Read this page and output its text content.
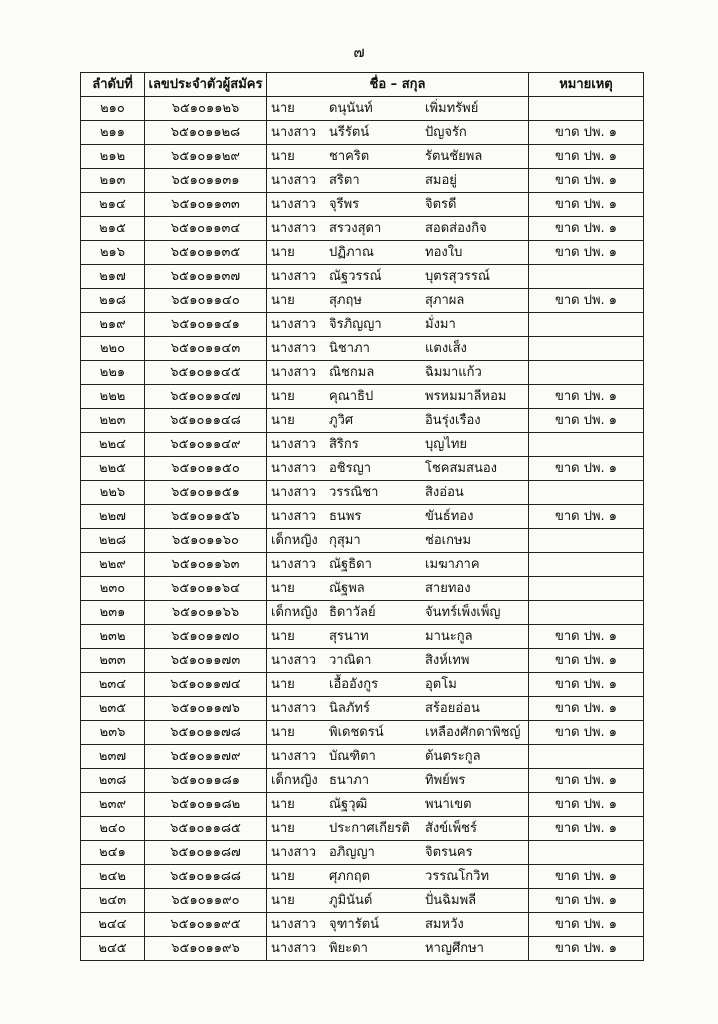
๗
ลำดับที่	เลขประจำตัวผู้สมัคร	ชื่อ – สกุล	หมายเหตุ
๒๑๐	๖๕๑๐๑๑๒๖	นาย ดนุนันท์ เพิ่มทรัพย์	

๒๑๑	๖๕๑๐๑๑๒๘	นางสาว นรีรัตน์ ปัญจรัก	ขาด ปพ. ๑
๒๑๒	๖๕๑๐๑๑๒๙	นาย ชาคริต รัตนชัยพล	ขาด ปพ. ๑
๒๑๓	๖๕๑๐๑๑๓๑	นางสาว สริตา สมอยู่	ขาด ปพ. ๑
๒๑๔	๖๕๑๐๑๑๓๓	นางสาว จุรีพร จิตรดี	ขาด ปพ. ๑
๒๑๕	๖๕๑๐๑๑๓๔	นางสาว สรวงสุดา สอดส่องกิจ	ขาด ปพ. ๑
๒๑๖	๖๕๑๐๑๑๓๕	นาย ปฏิภาณ ทองใบ	ขาด ปพ. ๑
๒๑๗	๖๕๑๐๑๑๓๗	นางสาว ณัฐวรรณ์ บุตรสุวรรณ์	

๒๑๘	๖๕๑๐๑๑๔๐	นาย สุภฤษ สุภาผล	ขาด ปพ. ๑
๒๑๙	๖๕๑๐๑๑๔๑	นางสาว จิรภิญญา มั่งมา	

๒๒๐	๖๕๑๐๑๑๔๓	นางสาว นิชาภา แตงเส็ง	

๒๒๑	๖๕๑๐๑๑๔๕	นางสาว ณิชกมล ฉิมมาแก้ว	

๒๒๒	๖๕๑๐๑๑๔๗	นาย คุณาธิป พรหมมาลีหอม	ขาด ปพ. ๑
๒๒๓	๖๕๑๐๑๑๔๘	นาย ภูวิศ อินรุ่งเรือง	ขาด ปพ. ๑
๒๒๔	๖๕๑๐๑๑๔๙	นางสาว สิริกร บุญไทย	

๒๒๕	๖๕๑๐๑๑๕๐	นางสาว อชิรญา โชคสมสนอง	ขาด ปพ. ๑
๒๒๖	๖๕๑๐๑๑๕๑	นางสาว วรรณิชา สิงอ่อน	

๒๒๗	๖๕๑๐๑๑๕๖	นางสาว ธนพร ขันธ์ทอง	ขาด ปพ. ๑
๒๒๘	๖๕๑๐๑๑๖๐	เด็กหญิง กุสุมา ช่อเกษม	

๒๒๙	๖๕๑๐๑๑๖๓	นางสาว ณัฐธิดา เมฆาภาค	

๒๓๐	๖๕๑๐๑๑๖๔	นาย ณัฐพล สายทอง	

๒๓๑	๖๕๑๐๑๑๖๖	เด็กหญิง ธิดาวัลย์ จันทร์เพ็งเพ็ญ	

๒๓๒	๖๕๑๐๑๑๗๐	นาย สุรนาท มานะกูล	ขาด ปพ. ๑
๒๓๓	๖๕๑๐๑๑๗๓	นางสาว วาณิดา สิงห์เทพ	ขาด ปพ. ๑
๒๓๔	๖๕๑๐๑๑๗๔	นาย เอื้ออังกูร อุตโม	ขาด ปพ. ๑
๒๓๕	๖๕๑๐๑๑๗๖	นางสาว นิลภัทร์ สร้อยอ่อน	ขาด ปพ. ๑
๒๓๖	๖๕๑๐๑๑๗๘	นาย พิเดชดรน์ เหลืองศักดาพิชญ์	ขาด ปพ. ๑
๒๓๗	๖๕๑๐๑๑๗๙	นางสาว บัณฑิตา ต้นตระกูล	

๒๓๘	๖๕๑๐๑๑๘๑	เด็กหญิง ธนาภา ทิพย์พร	ขาด ปพ. ๑
๒๓๙	๖๕๑๐๑๑๘๒	นาย ณัฐวุฒิ พนาเขต	ขาด ปพ. ๑
๒๔๐	๖๕๑๐๑๑๘๕	นาย ประกาศเกียรติ สังข์เพ็ชร์	ขาด ปพ. ๑
๒๔๑	๖๕๑๐๑๑๘๗	นางสาว อภิญญา จิตรนคร	

๒๔๒	๖๕๑๐๑๑๘๘	นาย ศุภกฤต วรรณโกวิท	ขาด ปพ. ๑
๒๔๓	๖๕๑๐๑๑๙๐	นาย ภูมินันต์ ปั่นฉิมพลี	ขาด ปพ. ๑
๒๔๔	๖๕๑๐๑๑๙๕	นางสาว จุฑารัตน์ สมหวัง	ขาด ปพ. ๑
๒๔๕	๖๕๑๐๑๑๙๖	นางสาว พิยะดา หาญศึกษา	ขาด ปพ. ๑
